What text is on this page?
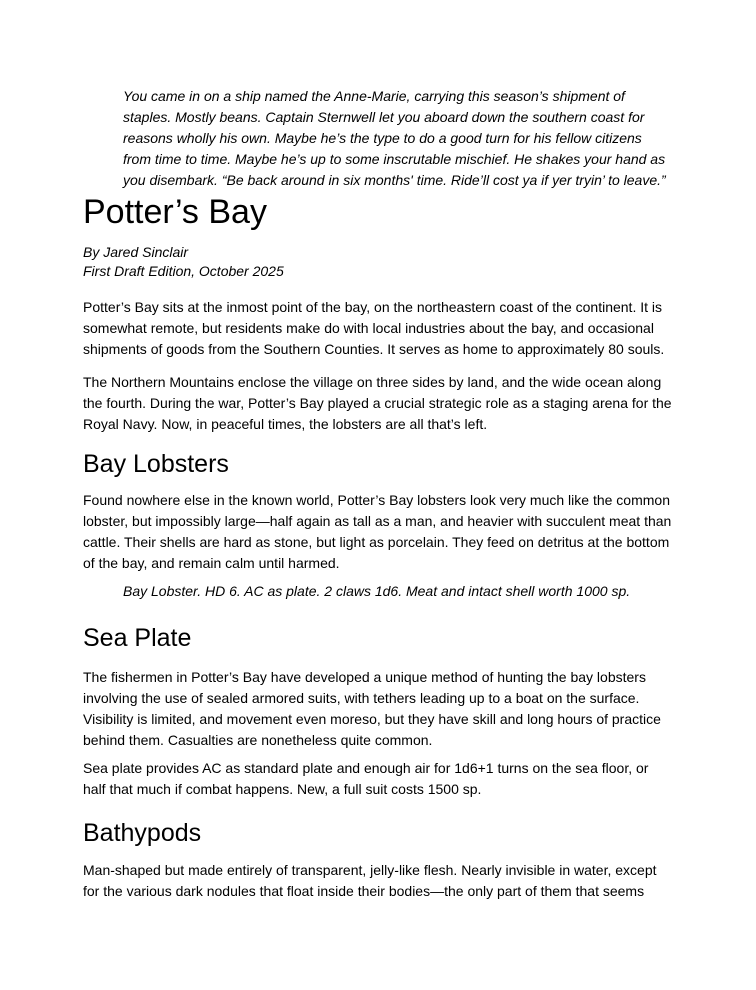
You came in on a ship named the Anne-Marie, carrying this season’s shipment of staples. Mostly beans. Captain Sternwell let you aboard down the southern coast for reasons wholly his own. Maybe he’s the type to do a good turn for his fellow citizens from time to time. Maybe he’s up to some inscrutable mischief. He shakes your hand as you disembark. “Be back around in six months' time. Ride’ll cost ya if yer tryin’ to leave.”

Potter’s Bay

By Jared Sinclair

First Draft Edition, October 2025

Potter’s Bay sits at the inmost point of the bay, on the northeastern coast of the continent. It is somewhat remote, but residents make do with local industries about the bay, and occasional shipments of goods from the Southern Counties. It serves as home to approximately 80 souls.

The Northern Mountains enclose the village on three sides by land, and the wide ocean along the fourth. During the war, Potter’s Bay played a crucial strategic role as a staging arena for the Royal Navy. Now, in peaceful times, the lobsters are all that’s left.

Bay Lobsters

Found nowhere else in the known world, Potter’s Bay lobsters look very much like the common lobster, but impossibly large—half again as tall as a man, and heavier with succulent meat than cattle. Their shells are hard as stone, but light as porcelain. They feed on detritus at the bottom of the bay, and remain calm until harmed.

Bay Lobster. HD 6. AC as plate. 2 claws 1d6. Meat and intact shell worth 1000 sp.

Sea Plate

The fishermen in Potter’s Bay have developed a unique method of hunting the bay lobsters involving the use of sealed armored suits, with tethers leading up to a boat on the surface. Visibility is limited, and movement even moreso, but they have skill and long hours of practice behind them. Casualties are nonetheless quite common.

Sea plate provides AC as standard plate and enough air for 1d6+1 turns on the sea floor, or half that much if combat happens. New, a full suit costs 1500 sp.

Bathypods

Man-shaped but made entirely of transparent, jelly-like flesh. Nearly invisible in water, except for the various dark nodules that float inside their bodies—the only part of them that seems
